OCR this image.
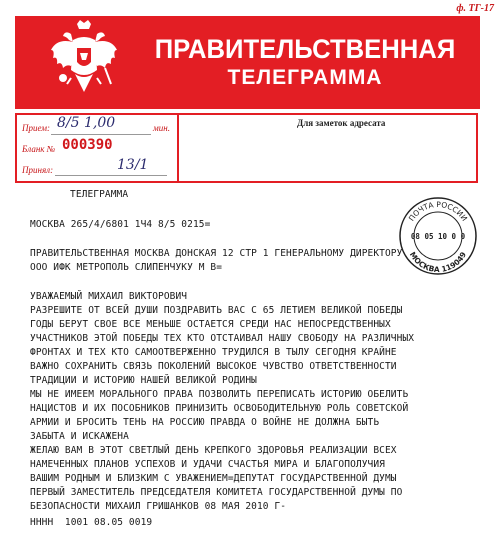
ф. ТГ-17
ПРАВИТЕЛЬСТВЕННАЯ
ТЕЛЕГРАММА
Прием: 8/5 1,00	мин.
Бланк № 000390
Принял:	13/1
Для заметок адресата
ПОЧТА РОССИИ
08 05 10 0 0
МОСКВА 119049
ТЕЛЕГРАММА
МОСКВА 265/4/6801 1Ч4 8/5 0215=
ПРАВИТЕЛЬСТВЕННАЯ МОСКВА ДОНСКАЯ 12 СТР 1 ГЕНЕРАЛЬНОМУ ДИРЕКТОРУ
ООО ИФК МЕТРОПОЛЬ СЛИПЕНЧУКУ М В=
УВАЖАЕМЫЙ МИХАИЛ ВИКТОРОВИЧ
РАЗРЕШИТЕ ОТ ВСЕЙ ДУШИ ПОЗДРАВИТЬ ВАС С 65 ЛЕТИЕМ ВЕЛИКОЙ ПОБЕДЫ
ГОДЫ БЕРУТ СВОЕ ВСЕ МЕНЬШЕ ОСТАЕТСЯ СРЕДИ НАС НЕПОСРЕДСТВЕННЫХ
УЧАСТНИКОВ ЭТОЙ ПОБЕДЫ ТЕХ КТО ОТСТАИВАЛ НАШУ СВОБОДУ НА РАЗЛИЧНЫХ
ФРОНТАХ И ТЕХ КТО САМООТВЕРЖЕННО ТРУДИЛСЯ В ТЫЛУ СЕГОДНЯ КРАЙНЕ
ВАЖНО СОХРАНИТЬ СВЯЗЬ ПОКОЛЕНИЙ ВЫСОКОЕ ЧУВСТВО ОТВЕТСТВЕННОСТИ
ТРАДИЦИИ И ИСТОРИЮ НАШЕЙ ВЕЛИКОЙ РОДИНЫ
МЫ НЕ ИМЕЕМ МОРАЛЬНОГО ПРАВА ПОЗВОЛИТЬ ПЕРЕПИСАТЬ ИСТОРИЮ ОБЕЛИТЬ
НАЦИСТОВ И ИХ ПОСОБНИКОВ ПРИНИЗИТЬ ОСВОБОДИТЕЛЬНУЮ РОЛЬ СОВЕТСКОЙ
АРМИИ И БРОСИТЬ ТЕНЬ НА РОССИЮ ПРАВДА О ВОЙНЕ НЕ ДОЛЖНА БЫТЬ
ЗАБЫТА И ИСКАЖЕНА
ЖЕЛАЮ ВАМ В ЭТОТ СВЕТЛЫЙ ДЕНЬ КРЕПКОГО ЗДОРОВЬЯ РЕАЛИЗАЦИИ ВСЕХ
НАМЕЧЕННЫХ ПЛАНОВ УСПЕХОВ И УДАЧИ СЧАСТЬЯ МИРА И БЛАГОПОЛУЧИЯ
ВАШИМ РОДНЫМ И БЛИЗКИМ С УВАЖЕНИЕМ=ДЕПУТАТ ГОСУДАРСТВЕННОЙ ДУМЫ
ПЕРВЫЙ ЗАМЕСТИТЕЛЬ ПРЕДСЕДАТЕЛЯ КОМИТЕТА ГОСУДАРСТВЕННОЙ ДУМЫ ПО
БЕЗОПАСНОСТИ МИХАИЛ ГРИШАНКОВ 08 МАЯ 2010 Г-
НННН  1001 08.05 0019
